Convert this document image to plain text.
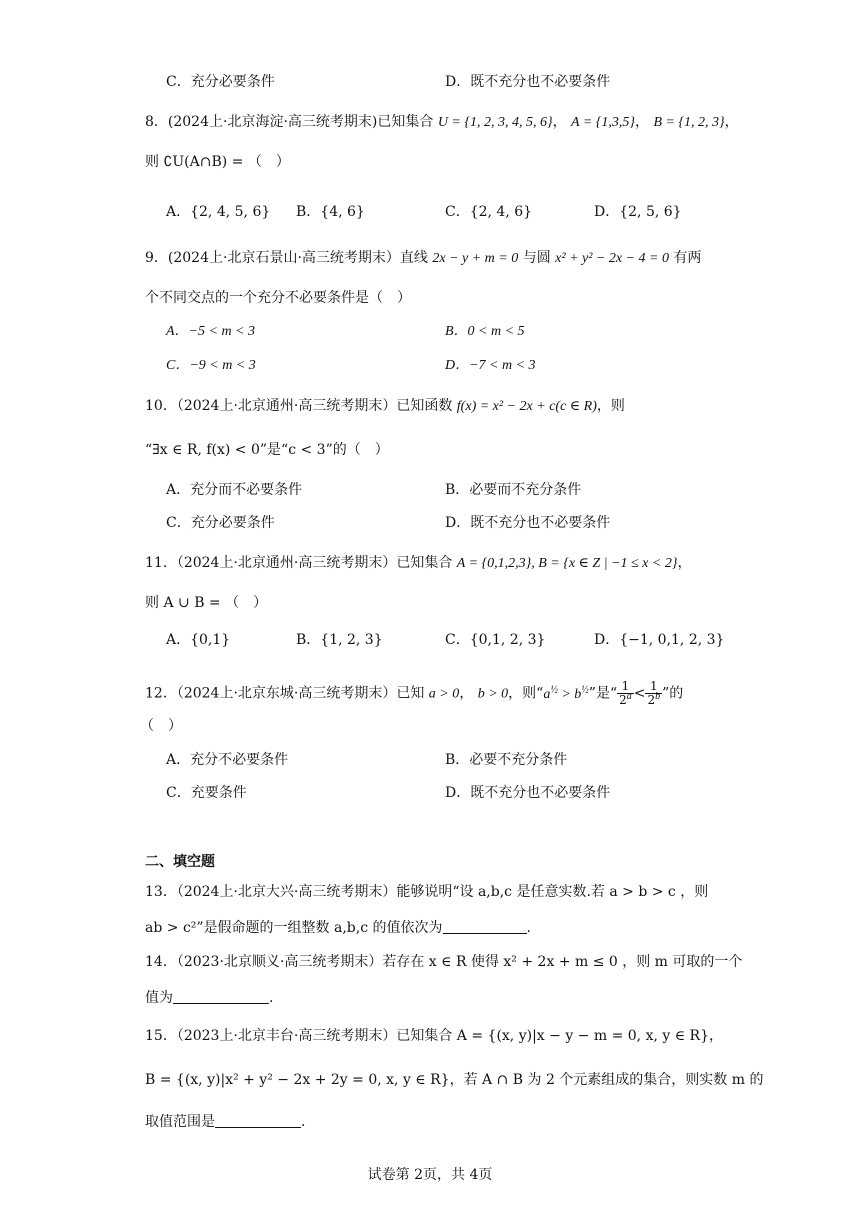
C．充分必要条件	D．既不充分也不必要条件
8．(2024上·北京海淀·高三统考期末)已知集合 U = {1, 2, 3, 4, 5, 6}， A = {1,3,5}， B = {1, 2, 3}，
则 ∁U(A∩B) = （　）
A．{2, 4, 5, 6} B．{4, 6}	C．{2, 4, 6}	D．{2, 5, 6}
9．(2024上·北京石景山·高三统考期末）直线 2x − y + m = 0 与圆 x² + y² − 2x − 4 = 0 有两
个不同交点的一个充分不必要条件是（　）
A．−5 < m < 3	B．0 < m < 5
C．−9 < m < 3	D．−7 < m < 3
10．（2024上·北京通州·高三统考期末）已知函数 f(x) = x² − 2x + c(c ∈ R)，则
“∃x ∈ R, f(x) < 0”是“c < 3”的（　）
A．充分而不必要条件	B．必要而不充分条件
C．充分必要条件	D．既不充分也不必要条件
11．（2024上·北京通州·高三统考期末）已知集合 A = {0,1,2,3}, B = {x ∈ Z | −1 ≤ x < 2}，
则 A ∪ B = （　）
A．{0,1}	B．{1, 2, 3}	C．{0,1, 2, 3}	D．{−1, 0,1, 2, 3}
12．（2024上·北京东城·高三统考期末）已知 a > 0， b > 0，则“$a^{\frac{1}{2}} > b^{\frac{1}{2}}$”是“ $\frac{1}{2^a} < \frac{1}{2^b}$ ”的
（　）
A．充分不必要条件	B．必要不充分条件
C．充要条件	D．既不充分也不必要条件
二、填空题
13．（2024上·北京大兴·高三统考期末）能够说明“设 a,b,c 是任意实数.若 a > b > c ，则
ab > c²”是假命题的一组整数 a,b,c 的值依次为	.
14．（2023·北京顺义·高三统考期末）若存在 x ∈ R 使得 x² + 2x + m ≤ 0 ，则 m 可取的一个
值为	.
15．（2023上·北京丰台·高三统考期末）已知集合 A = {(x, y)|x − y − m = 0, x, y ∈ R}，
B = {(x, y)|x² + y² − 2x + 2y = 0, x, y ∈ R}，若 A ∩ B 为 2 个元素组成的集合，则实数 m 的
取值范围是	.
试卷第 2页，共 4页
